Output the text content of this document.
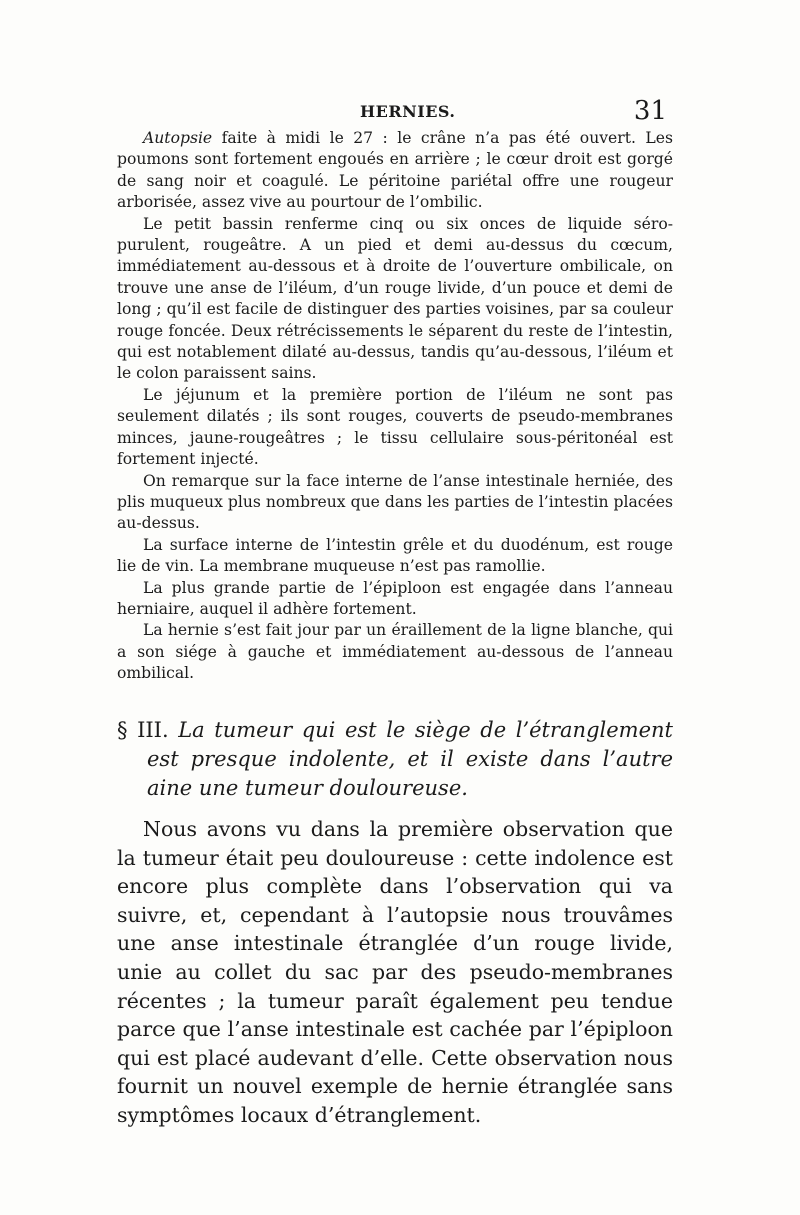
HERNIES.	31

Autopsie faite à midi le 27 : le crâne n’a pas été ouvert. Les poumons sont fortement engoués en arrière ; le cœur droit est gorgé de sang noir et coagulé. Le péritoine pariétal offre une rougeur arborisée, assez vive au pourtour de l’ombilic.

Le petit bassin renferme cinq ou six onces de liquide séro-purulent, rougeâtre. A un pied et demi au-dessus du cœcum, immédiatement au-dessous et à droite de l’ouverture ombilicale, on trouve une anse de l’iléum, d’un rouge livide, d’un pouce et demi de long ; qu’il est facile de distinguer des parties voisines, par sa couleur rouge foncée. Deux rétrécissements le séparent du reste de l’intestin, qui est notablement dilaté au-dessus, tandis qu’au-dessous, l’iléum et le colon paraissent sains.

Le jéjunum et la première portion de l’iléum ne sont pas seulement dilatés ; ils sont rouges, couverts de pseudo-membranes minces, jaune-rougeâtres ; le tissu cellulaire sous-péritonéal est fortement injecté.

On remarque sur la face interne de l’anse intestinale herniée, des plis muqueux plus nombreux que dans les parties de l’intestin placées au-dessus.

La surface interne de l’intestin grêle et du duodénum, est rouge lie de vin. La membrane muqueuse n’est pas ramollie.

La plus grande partie de l’épiploon est engagée dans l’anneau herniaire, auquel il adhère fortement.

La hernie s’est fait jour par un éraillement de la ligne blanche, qui a son siége à gauche et immédiatement au-dessous de l’anneau ombilical.

§ III. La tumeur qui est le siège de l’étranglement est presque indolente, et il existe dans l’autre aine une tumeur douloureuse.

Nous avons vu dans la première observation que la tumeur était peu douloureuse : cette indolence est encore plus complète dans l’observation qui va suivre, et, cependant à l’autopsie nous trouvâmes une anse intestinale étranglée d’un rouge livide, unie au collet du sac par des pseudo-membranes récentes ; la tumeur paraît également peu tendue parce que l’anse intestinale est cachée par l’épiploon qui est placé audevant d’elle. Cette observation nous fournit un nouvel exemple de hernie étranglée sans symptômes locaux d’étranglement.
